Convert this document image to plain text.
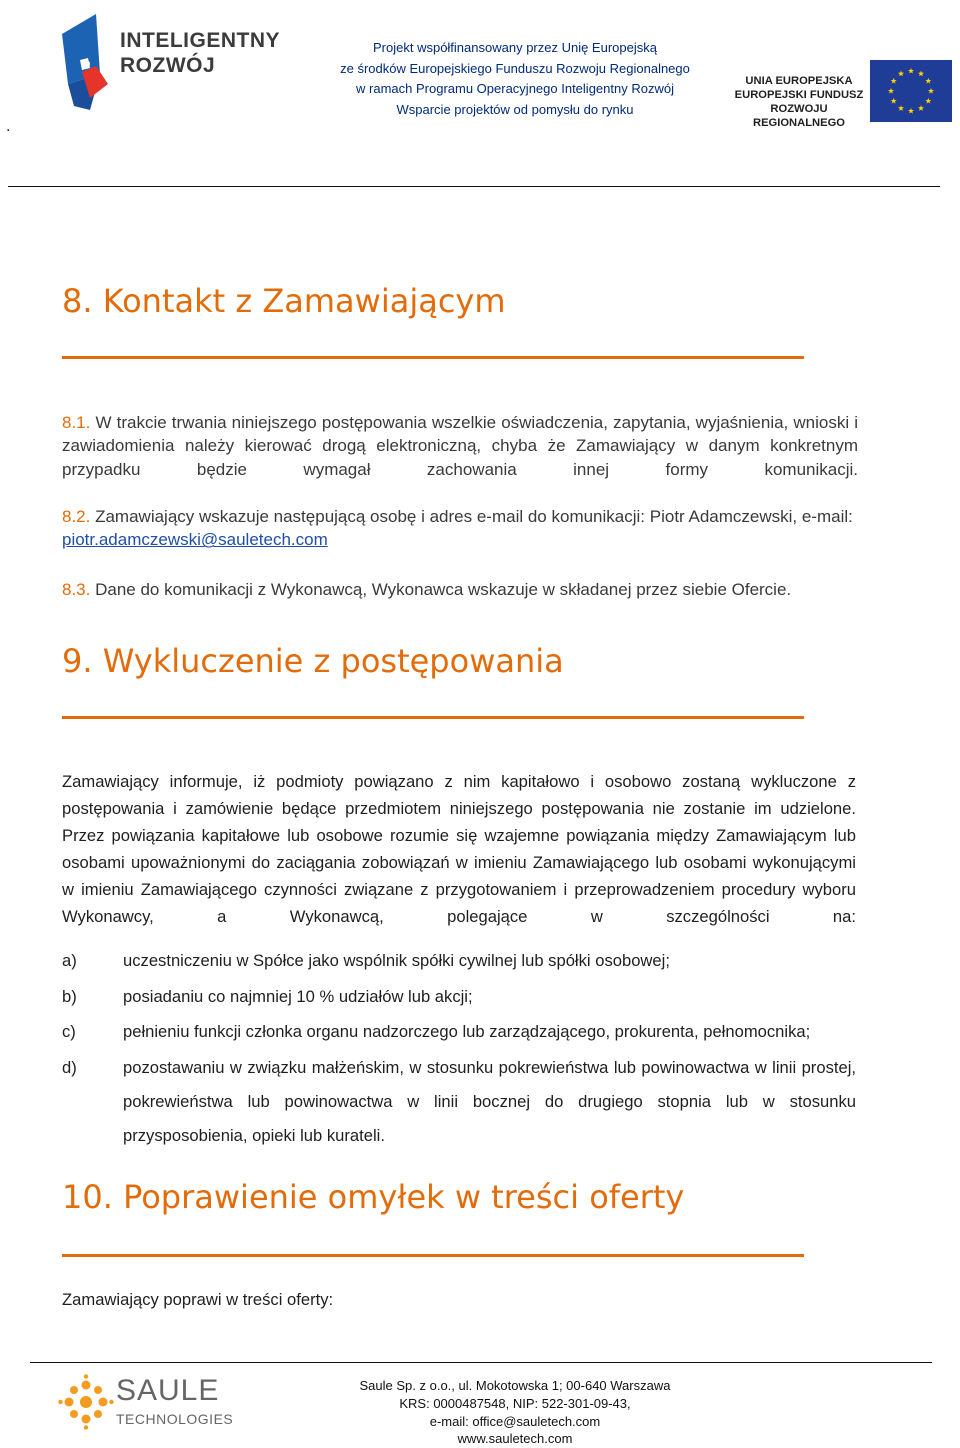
.
INTELIGENTNY
ROZWÓJ
Projekt współfinansowany przez Unię Europejską
ze środków Europejskiego Funduszu Rozwoju Regionalnego
w ramach Programu Operacyjnego Inteligentny Rozwój
Wsparcie projektów od pomysłu do rynku
UNIA EUROPEJSKA
EUROPEJSKI FUNDUSZ
ROZWOJU REGIONALNEGO
8. Kontakt z Zamawiającym
8.1. W trakcie trwania niniejszego postępowania wszelkie oświadczenia, zapytania, wyjaśnienia, wnioski i zawiadomienia należy kierować drogą elektroniczną, chyba że Zamawiający w danym konkretnym przypadku będzie wymagał zachowania innej formy komunikacji.
8.2. Zamawiający wskazuje następującą osobę i adres e-mail do komunikacji: Piotr Adamczewski, e-mail: piotr.adamczewski@sauletech.com
8.3. Dane do komunikacji z Wykonawcą, Wykonawca wskazuje w składanej przez siebie Ofercie.
9. Wykluczenie z postępowania
Zamawiający informuje, iż podmioty powiązano z nim kapitałowo i osobowo zostaną wykluczone z postępowania i zamówienie będące przedmiotem niniejszego postępowania nie zostanie im udzielone. Przez powiązania kapitałowe lub osobowe rozumie się wzajemne powiązania między Zamawiającym lub osobami upoważnionymi do zaciągania zobowiązań w imieniu Zamawiającego lub osobami wykonującymi w imieniu Zamawiającego czynności związane z przygotowaniem i przeprowadzeniem procedury wyboru Wykonawcy, a Wykonawcą, polegające w szczególności na:
a)	uczestniczeniu w Spółce jako wspólnik spółki cywilnej lub spółki osobowej;
b)	posiadaniu co najmniej 10 % udziałów lub akcji;
c)	pełnieniu funkcji członka organu nadzorczego lub zarządzającego, prokurenta, pełnomocnika;
d)	pozostawaniu w związku małżeńskim, w stosunku pokrewieństwa lub powinowactwa w linii prostej, pokrewieństwa lub powinowactwa w linii bocznej do drugiego stopnia lub w stosunku przysposobienia, opieki lub kurateli.
10. Poprawienie omyłek w treści oferty
Zamawiający poprawi w treści oferty:
SAULE
TECHNOLOGIES
Saule Sp. z o.o., ul. Mokotowska 1; 00-640 Warszawa
KRS: 0000487548, NIP: 522-301-09-43,
e-mail: office@sauletech.com
www.sauletech.com
